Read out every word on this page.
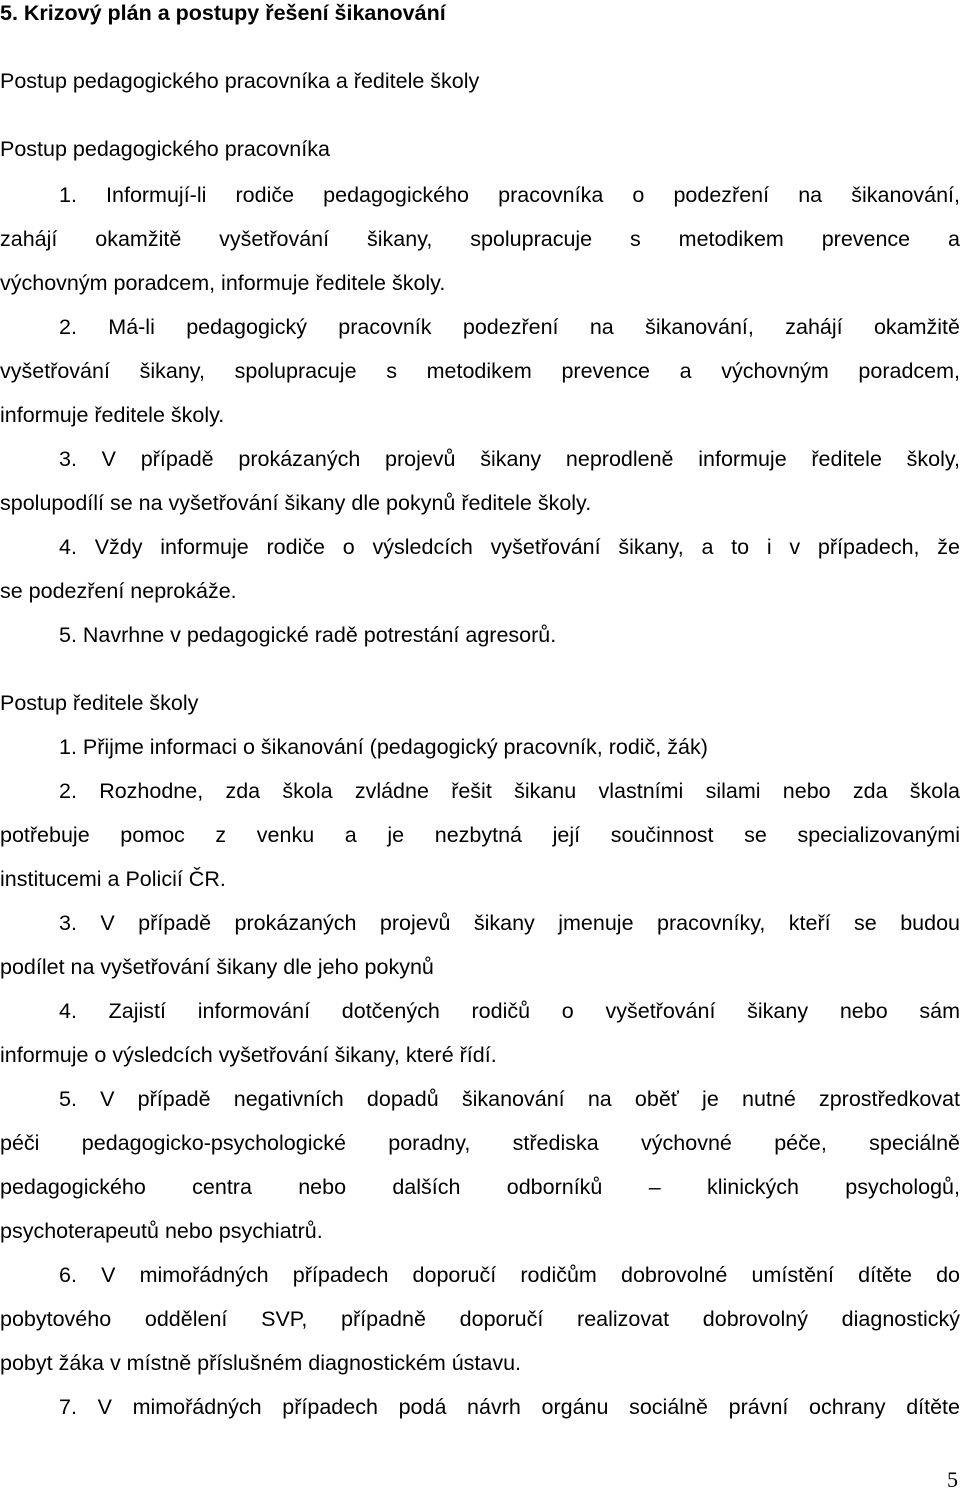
5. Krizový plán a postupy řešení šikanování
Postup pedagogického pracovníka a ředitele školy
Postup pedagogického pracovníka
1. Informují-li rodiče pedagogického pracovníka o podezření na šikanování,
zahájí okamžitě vyšetřování šikany, spolupracuje s metodikem prevence a
výchovným poradcem, informuje ředitele školy.
2. Má-li pedagogický pracovník podezření na šikanování, zahájí okamžitě
vyšetřování šikany, spolupracuje s metodikem prevence a výchovným poradcem,
informuje ředitele školy.
3. V případě prokázaných projevů šikany neprodleně informuje ředitele školy,
spolupodílí se na vyšetřování šikany dle pokynů ředitele školy.
4. Vždy informuje rodiče o výsledcích vyšetřování šikany, a to i v případech, že
se podezření neprokáže.
5. Navrhne v pedagogické radě potrestání agresorů.
Postup ředitele školy
1. Přijme informaci o šikanování (pedagogický pracovník, rodič, žák)
2. Rozhodne, zda škola zvládne řešit šikanu vlastními silami nebo zda škola
potřebuje pomoc z venku a je nezbytná její součinnost se specializovanými
institucemi a Policií ČR.
3. V případě prokázaných projevů šikany jmenuje pracovníky, kteří se budou
podílet na vyšetřování šikany dle jeho pokynů
4. Zajistí informování dotčených rodičů o vyšetřování šikany nebo sám
informuje o výsledcích vyšetřování šikany, které řídí.
5. V případě negativních dopadů šikanování na oběť je nutné zprostředkovat
péči pedagogicko-psychologické poradny, střediska výchovné péče, speciálně
pedagogického centra nebo dalších odborníků – klinických psychologů,
psychoterapeutů nebo psychiatrů.
6. V mimořádných případech doporučí rodičům dobrovolné umístění dítěte do
pobytového oddělení SVP, případně doporučí realizovat dobrovolný diagnostický
pobyt žáka v místně příslušném diagnostickém ústavu.
7. V mimořádných případech podá návrh orgánu sociálně právní ochrany dítěte
5
